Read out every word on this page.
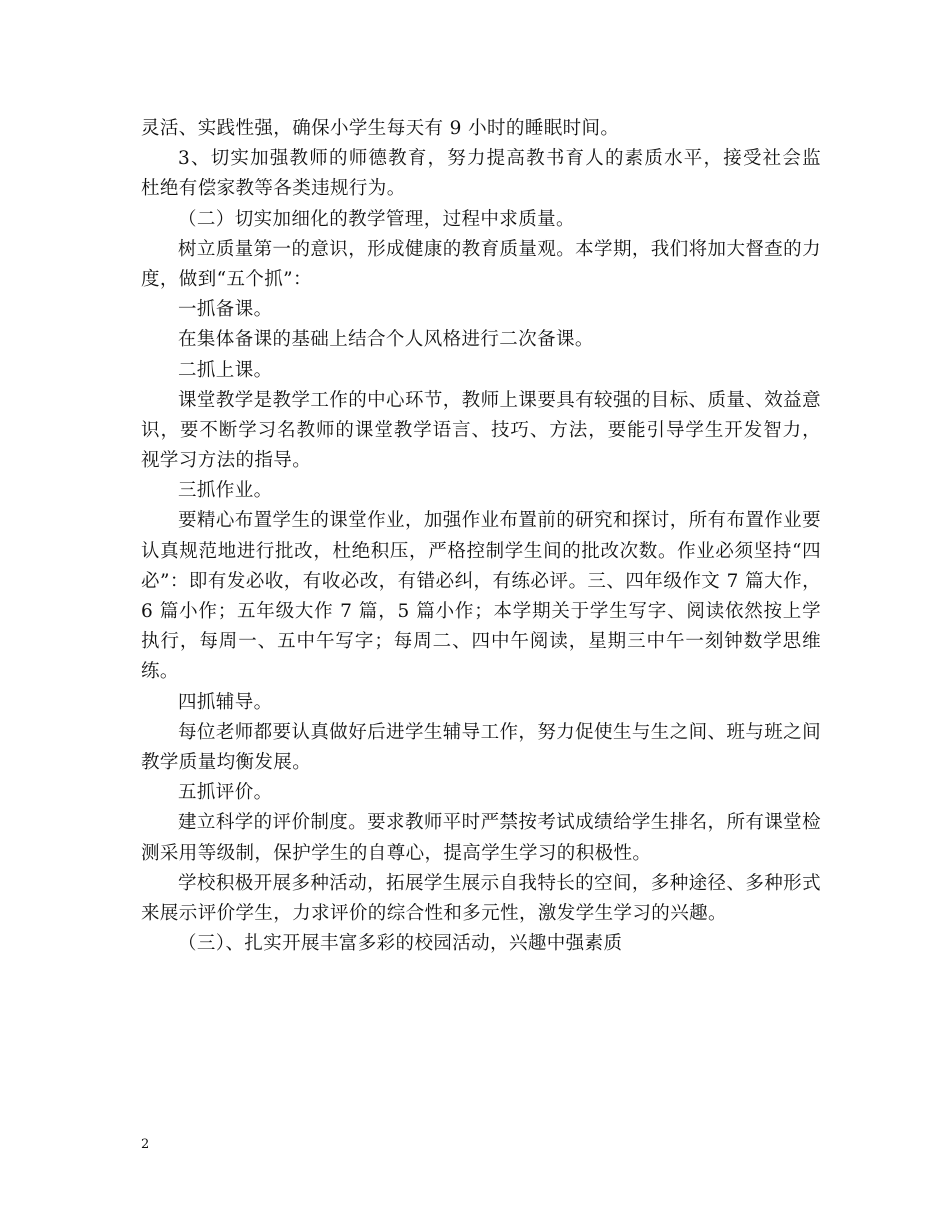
灵活、实践性强，确保小学生每天有 9 小时的睡眠时间。
3、切实加强教师的师德教育，努力提高教书育人的素质水平，接受社会监
杜绝有偿家教等各类违规行为。
（二）切实加细化的教学管理，过程中求质量。
树立质量第一的意识，形成健康的教育质量观。本学期，我们将加大督查的力
度，做到“五个抓”：
一抓备课。
在集体备课的基础上结合个人风格进行二次备课。
二抓上课。
课堂教学是教学工作的中心环节，教师上课要具有较强的目标、质量、效益意
识，要不断学习名教师的课堂教学语言、技巧、方法，要能引导学生开发智力，
视学习方法的指导。
三抓作业。
要精心布置学生的课堂作业，加强作业布置前的研究和探讨，所有布置作业要
认真规范地进行批改，杜绝积压，严格控制学生间的批改次数。作业必须坚持“四
必”：即有发必收，有收必改，有错必纠，有练必评。三、四年级作文 7 篇大作，
6 篇小作；五年级大作 7 篇，5 篇小作；本学期关于学生写字、阅读依然按上学
执行，每周一、五中午写字；每周二、四中午阅读，星期三中午一刻钟数学思维
练。
四抓辅导。
每位老师都要认真做好后进学生辅导工作，努力促使生与生之间、班与班之间
教学质量均衡发展。
五抓评价。
建立科学的评价制度。要求教师平时严禁按考试成绩给学生排名，所有课堂检
测采用等级制，保护学生的自尊心，提高学生学习的积极性。
学校积极开展多种活动，拓展学生展示自我特长的空间，多种途径、多种形式
来展示评价学生，力求评价的综合性和多元性，激发学生学习的兴趣。
（三）、扎实开展丰富多彩的校园活动，兴趣中强素质
2
